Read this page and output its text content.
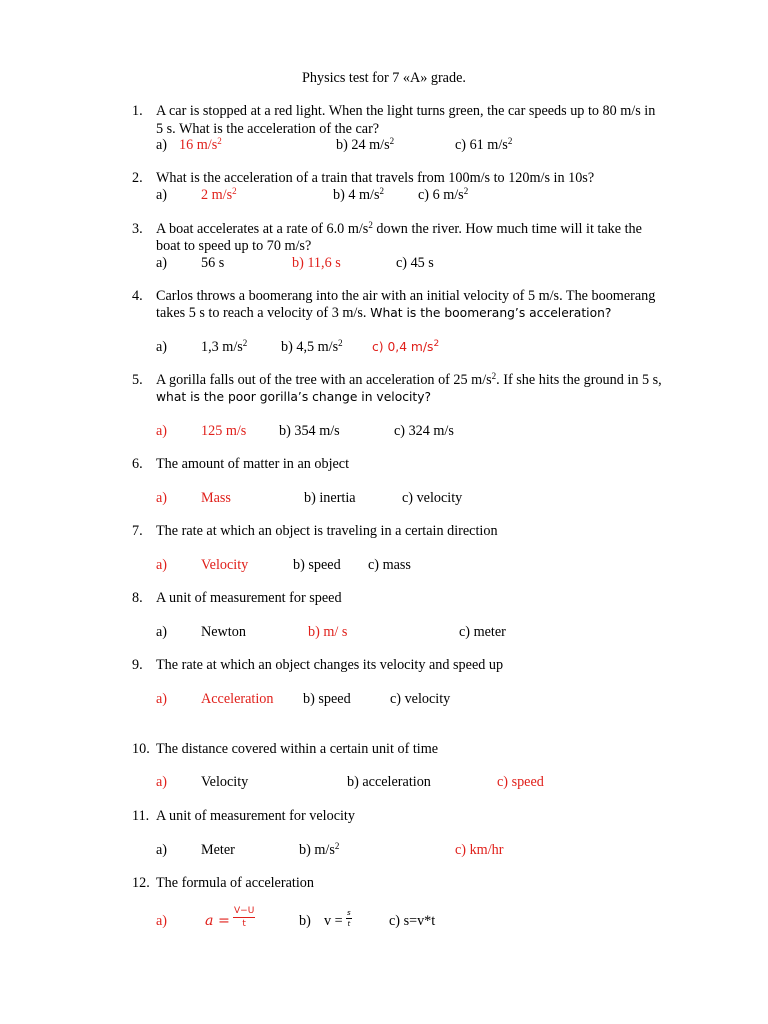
Physics test for 7 «A» grade.
1. A car is stopped at a red light. When the light turns green, the car speeds up to 80 m/s in
5 s. What is the acceleration of the car?
a) 16 $m/s^2$	b) 24 $m/s^2$	c) 61 $m/s^2$
2. What is the acceleration of a train that travels from 100m/s to 120m/s in 10s?
a) 2 $m/s^2$	b) 4 $m/s^2$ c) 6 $m/s^2$
3. A boat accelerates at a rate of 6.0 $m/s^2$ down the river. How much time will it take the
boat to speed up to 70 m/s?
a) 56 s	b) 11,6 s	c) 45 s
4. Carlos throws a boomerang into the air with an initial velocity of 5 m/s. The boomerang
takes 5 s to reach a velocity of 3 m/s. What is the boomerang’s acceleration?
a) 1,3 $m/s^2$ b) 4,5 $m/s^2$ c) 0,4 $m/s^2$
5. A gorilla falls out of the tree with an acceleration of 25 $m/s^2$. If she hits the ground in 5 s,
what is the poor gorilla’s change in velocity?
a) 125 m/s b) 354 m/s	c) 324 m/s
6. The amount of matter in an object
a) Mass	b) inertia	c) velocity
7. The rate at which an object is traveling in a certain direction
a) Velocity	b) speed c) mass
8. A unit of measurement for speed
a) Newton	b) m/ s	c) meter
9. The rate at which an object changes its velocity and speed up
a) Acceleration b) speed	c) velocity
10. The distance covered within a certain unit of time
a) Velocity	b) acceleration	c) speed
11. A unit of measurement for velocity
a) Meter	b) $m/s^2$	c) km/hr
12. The formula of acceleration
a)	$a = \frac{V-U}{t}$	b) $v = \frac{s}{t}$	c) s=v*t
